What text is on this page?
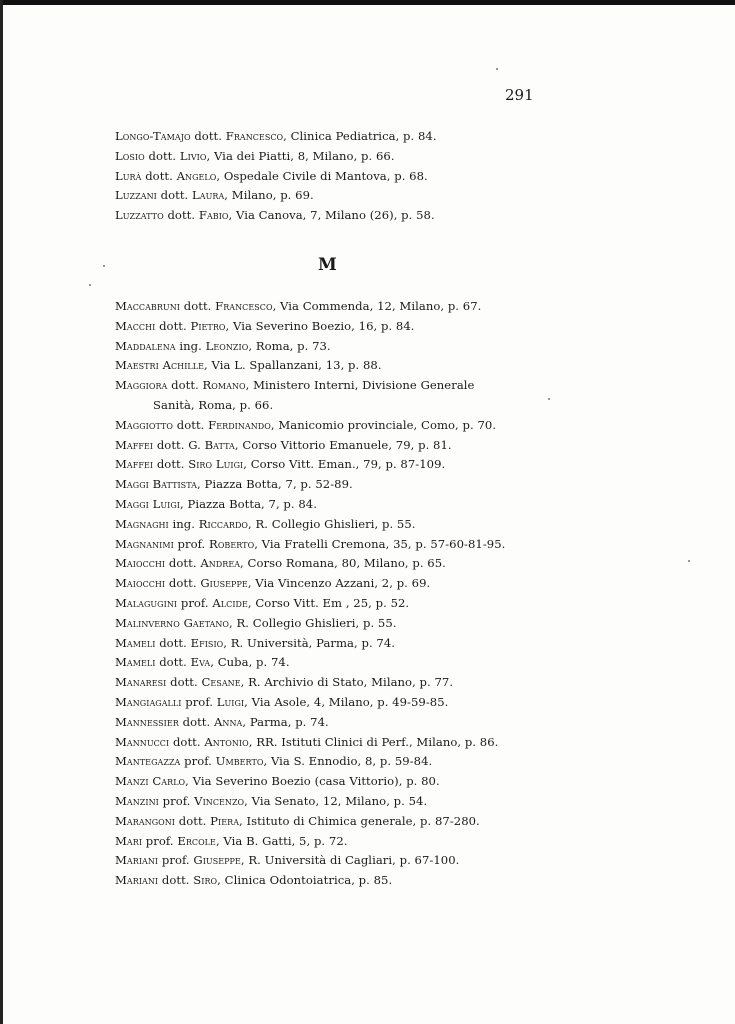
291
Longo-Tamajo dott. Francesco, Clinica Pediatrica, p. 84.
Losio dott. Livio, Via dei Piatti, 8, Milano, p. 66.
Lurà dott. Angelo, Ospedale Civile di Mantova, p. 68.
Luzzani dott. Laura, Milano, p. 69.
Luzzatto dott. Fabio, Via Canova, 7, Milano (26), p. 58.
M
Maccabruni dott. Francesco, Via Commenda, 12, Milano, p. 67.
Macchi dott. Pietro, Via Severino Boezio, 16, p. 84.
Maddalena ing. Leonzio, Roma, p. 73.
Maestri Achille, Via L. Spallanzani, 13, p. 88.
Maggiora dott. Romano, Ministero Interni, Divisione Generale
Sanità, Roma, p. 66.
Maggiotto dott. Ferdinando, Manicomio provinciale, Como, p. 70.
Maffei dott. G. Batta, Corso Vittorio Emanuele, 79, p. 81.
Maffei dott. Siro Luigi, Corso Vitt. Eman., 79, p. 87-109.
Maggi Battista, Piazza Botta, 7, p. 52-89.
Maggi Luigi, Piazza Botta, 7, p. 84.
Magnaghi ing. Riccardo, R. Collegio Ghislieri, p. 55.
Magnanimi prof. Roberto, Via Fratelli Cremona, 35, p. 57-60-81-95.
Maiocchi dott. Andrea, Corso Romana, 80, Milano, p. 65.
Maiocchi dott. Giuseppe, Via Vincenzo Azzani, 2, p. 69.
Malagugini prof. Alcide, Corso Vitt. Em , 25, p. 52.
Malinverno Gaetano, R. Collegio Ghislieri, p. 55.
Mameli dott. Efisio, R. Università, Parma, p. 74.
Mameli dott. Eva, Cuba, p. 74.
Manaresi dott. Cesane, R. Archivio di Stato, Milano, p. 77.
Mangiagalli prof. Luigi, Via Asole, 4, Milano, p. 49-59-85.
Mannessier dott. Anna, Parma, p. 74.
Mannucci dott. Antonio, RR. Istituti Clinici di Perf., Milano, p. 86.
Mantegazza prof. Umberto, Via S. Ennodio, 8, p. 59-84.
Manzi Carlo, Via Severino Boezio (casa Vittorio), p. 80.
Manzini prof. Vincenzo, Via Senato, 12, Milano, p. 54.
Marangoni dott. Piera, Istituto di Chimica generale, p. 87-280.
Mari prof. Ercole, Via B. Gatti, 5, p. 72.
Mariani prof. Giuseppe, R. Università di Cagliari, p. 67-100.
Mariani dott. Siro, Clinica Odontoiatrica, p. 85.
